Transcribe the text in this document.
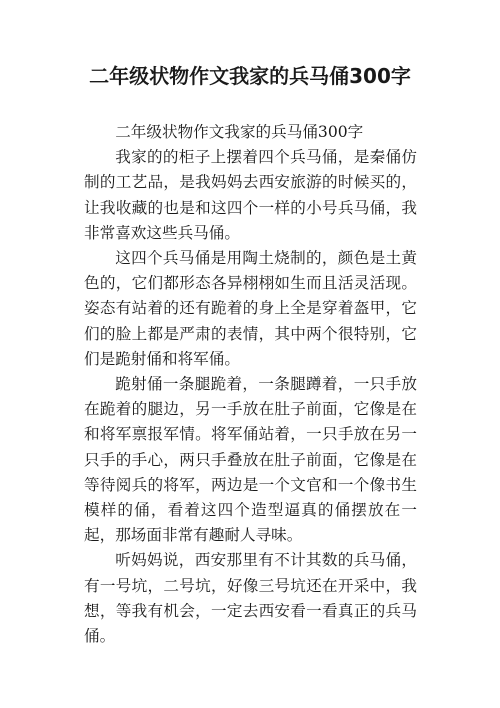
二年级状物作文我家的兵马俑300字

二年级状物作文我家的兵马俑300字

我家的的柜子上摆着四个兵马俑，是秦俑仿制的工艺品，是我妈妈去西安旅游的时候买的，让我收藏的也是和这四个一样的小号兵马俑，我非常喜欢这些兵马俑。

这四个兵马俑是用陶土烧制的，颜色是土黄色的，它们都形态各异栩栩如生而且活灵活现。姿态有站着的还有跪着的身上全是穿着盔甲，它们的脸上都是严肃的表情，其中两个很特别，它们是跪射俑和将军俑。

跪射俑一条腿跪着，一条腿蹲着，一只手放在跪着的腿边，另一手放在肚子前面，它像是在和将军禀报军情。将军俑站着，一只手放在另一只手的手心，两只手叠放在肚子前面，它像是在等待阅兵的将军，两边是一个文官和一个像书生模样的俑，看着这四个造型逼真的俑摆放在一起，那场面非常有趣耐人寻味。

听妈妈说，西安那里有不计其数的兵马俑，有一号坑，二号坑，好像三号坑还在开采中，我想，等我有机会，一定去西安看一看真正的兵马俑。
